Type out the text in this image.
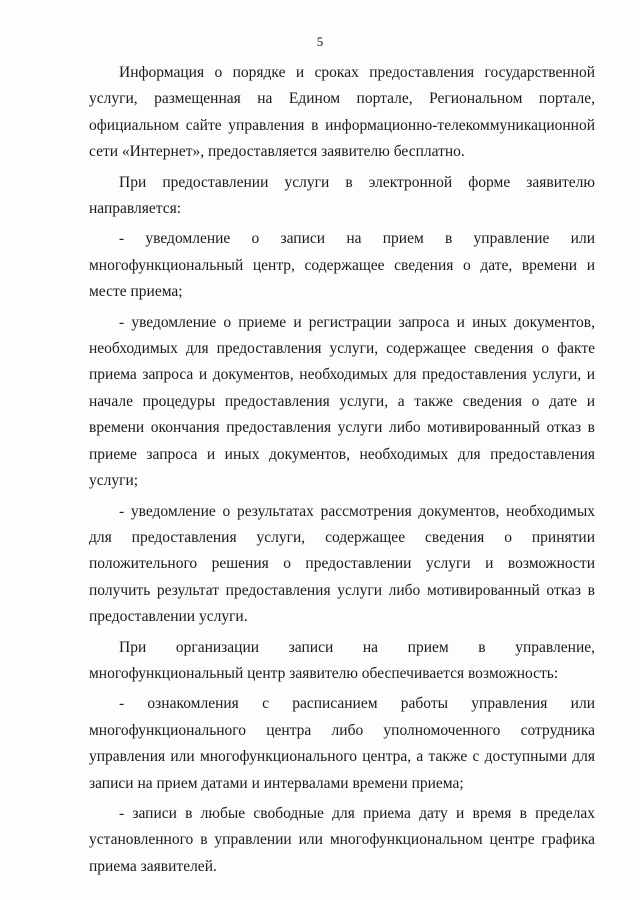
5

Информация о порядке и сроках предоставления государственной услуги, размещенная на Едином портале, Региональном портале, официальном сайте управления в информационно-телекоммуникационной сети «Интернет», предоставляется заявителю бесплатно.

При предоставлении услуги в электронной форме заявителю направляется:

- уведомление о записи на прием в управление или многофункциональный центр, содержащее сведения о дате, времени и месте приема;

- уведомление о приеме и регистрации запроса и иных документов, необходимых для предоставления услуги, содержащее сведения о факте приема запроса и документов, необходимых для предоставления услуги, и начале процедуры предоставления услуги, а также сведения о дате и времени окончания предоставления услуги либо мотивированный отказ в приеме запроса и иных документов, необходимых для предоставления услуги;

- уведомление о результатах рассмотрения документов, необходимых для предоставления услуги, содержащее сведения о принятии положительного решения о предоставлении услуги и возможности получить результат предоставления услуги либо мотивированный отказ в предоставлении услуги.

При организации записи на прием в управление, многофункциональный центр заявителю обеспечивается возможность:

- ознакомления с расписанием работы управления или многофункционального центра либо уполномоченного сотрудника управления или многофункционального центра, а также с доступными для записи на прием датами и интервалами времени приема;

- записи в любые свободные для приема дату и время в пределах установленного в управлении или многофункциональном центре графика приема заявителей.
